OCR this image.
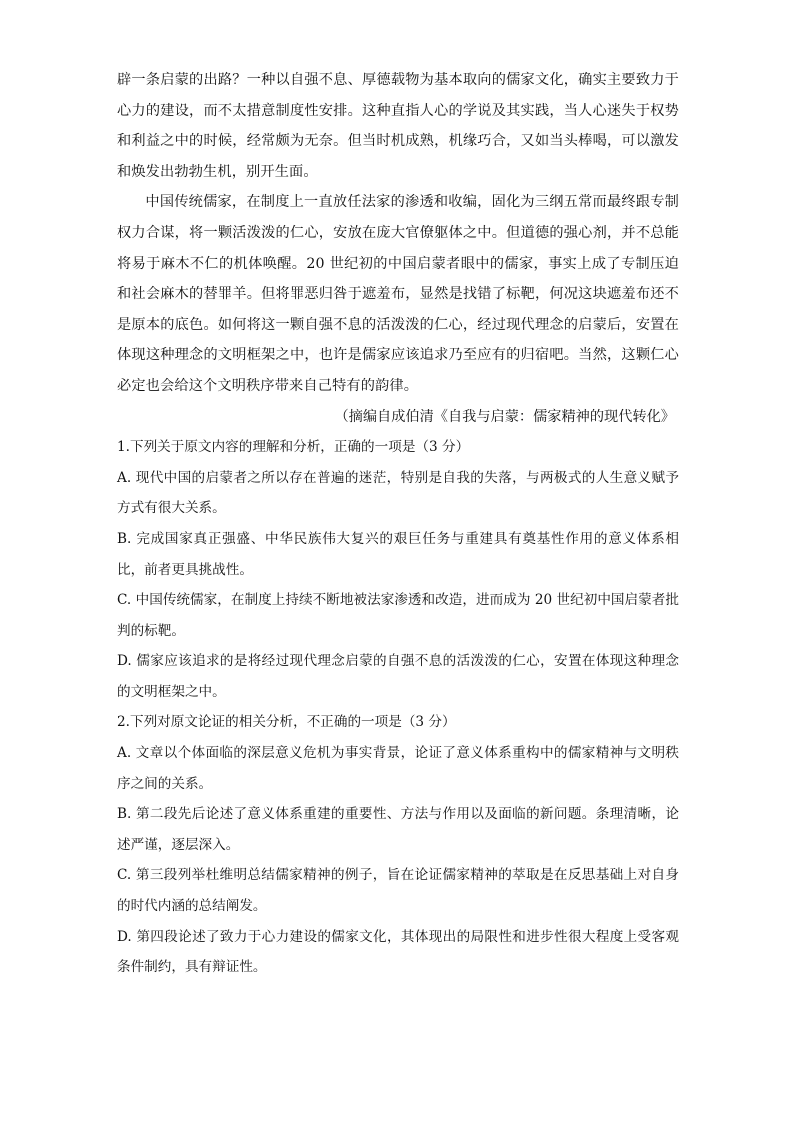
辟一条启蒙的出路？一种以自强不息、厚德载物为基本取向的儒家文化，确实主要致力于心力的建设，而不太措意制度性安排。这种直指人心的学说及其实践，当人心迷失于权势和利益之中的时候，经常颇为无奈。但当时机成熟，机缘巧合，又如当头棒喝，可以激发和焕发出勃勃生机，别开生面。

中国传统儒家，在制度上一直放任法家的渗透和收编，固化为三纲五常而最终跟专制权力合谋，将一颗活泼泼的仁心，安放在庞大官僚躯体之中。但道德的强心剂，并不总能将易于麻木不仁的机体唤醒。20 世纪初的中国启蒙者眼中的儒家，事实上成了专制压迫和社会麻木的替罪羊。但将罪恶归咎于遮羞布，显然是找错了标靶，何况这块遮羞布还不是原本的底色。如何将这一颗自强不息的活泼泼的仁心，经过现代理念的启蒙后，安置在体现这种理念的文明框架之中，也许是儒家应该追求乃至应有的归宿吧。当然，这颗仁心必定也会给这个文明秩序带来自己特有的韵律。

（摘编自成伯清《自我与启蒙：儒家精神的现代转化》

1.下列关于原文内容的理解和分析，正确的一项是（3 分）

A. 现代中国的启蒙者之所以存在普遍的迷茫，特别是自我的失落，与两极式的人生意义赋予方式有很大关系。

B. 完成国家真正强盛、中华民族伟大复兴的艰巨任务与重建具有奠基性作用的意义体系相比，前者更具挑战性。

C. 中国传统儒家，在制度上持续不断地被法家渗透和改造，进而成为 20 世纪初中国启蒙者批判的标靶。

D. 儒家应该追求的是将经过现代理念启蒙的自强不息的活泼泼的仁心，安置在体现这种理念的文明框架之中。

2.下列对原文论证的相关分析，不正确的一项是（3 分）

A. 文章以个体面临的深层意义危机为事实背景，论证了意义体系重构中的儒家精神与文明秩序之间的关系。

B. 第二段先后论述了意义体系重建的重要性、方法与作用以及面临的新问题。条理清晰，论述严谨，逐层深入。

C. 第三段列举杜维明总结儒家精神的例子，旨在论证儒家精神的萃取是在反思基础上对自身的时代内涵的总结阐发。

D. 第四段论述了致力于心力建设的儒家文化，其体现出的局限性和进步性很大程度上受客观条件制约，具有辩证性。
